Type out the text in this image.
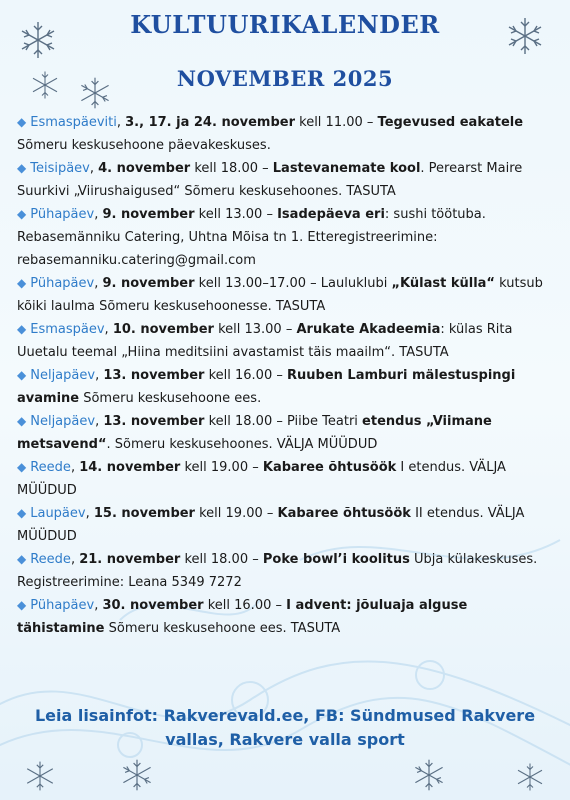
KULTUURIKALENDER
NOVEMBER 2025

◆ Esmaspäeviti, 3., 17. ja 24. november kell 11.00 – Tegevused eakatele Sõmeru keskusehoone päevakeskuses.

◆ Teisipäev, 4. november kell 18.00 – Lastevanemate kool. Perearst Maire Suurkivi „Viirushaigused“ Sõmeru keskusehoones. TASUTA

◆ Pühapäev, 9. november kell 13.00 – Isadepäeva eri: sushi töötuba. Rebasemänniku Catering, Uhtna Mõisa tn 1. Etteregistreerimine: rebasemanniku.catering@gmail.com

◆ Pühapäev, 9. november kell 13.00–17.00 – Lauluklubi „Külast külla“ kutsub kõiki laulma Sõmeru keskusehoonesse. TASUTA

◆ Esmaspäev, 10. november kell 13.00 – Arukate Akadeemia: külas Rita Uuetalu teemal „Hiina meditsiini avastamist täis maailm“. TASUTA

◆ Neljapäev, 13. november kell 16.00 – Ruuben Lamburi mälestuspingi avamine Sõmeru keskusehoone ees.

◆ Neljapäev, 13. november kell 18.00 – Piibe Teatri etendus „Viimane metsavend“. Sõmeru keskusehoones. VÄLJA MÜÜDUD

◆ Reede, 14. november kell 19.00 – Kabaree õhtusöök I etendus. VÄLJA MÜÜDUD

◆ Laupäev, 15. november kell 19.00 – Kabaree õhtusöök II etendus. VÄLJA MÜÜDUD

◆ Reede, 21. november kell 18.00 – Poke bowl’i koolitus Ubja külakeskuses. Registreerimine: Leana 5349 7272

◆ Pühapäev, 30. november kell 16.00 – I advent: jõuluaja alguse tähistamine Sõmeru keskusehoone ees. TASUTA

Leia lisainfot: Rakverevald.ee, FB: Sündmused Rakvere
vallas, Rakvere valla sport
